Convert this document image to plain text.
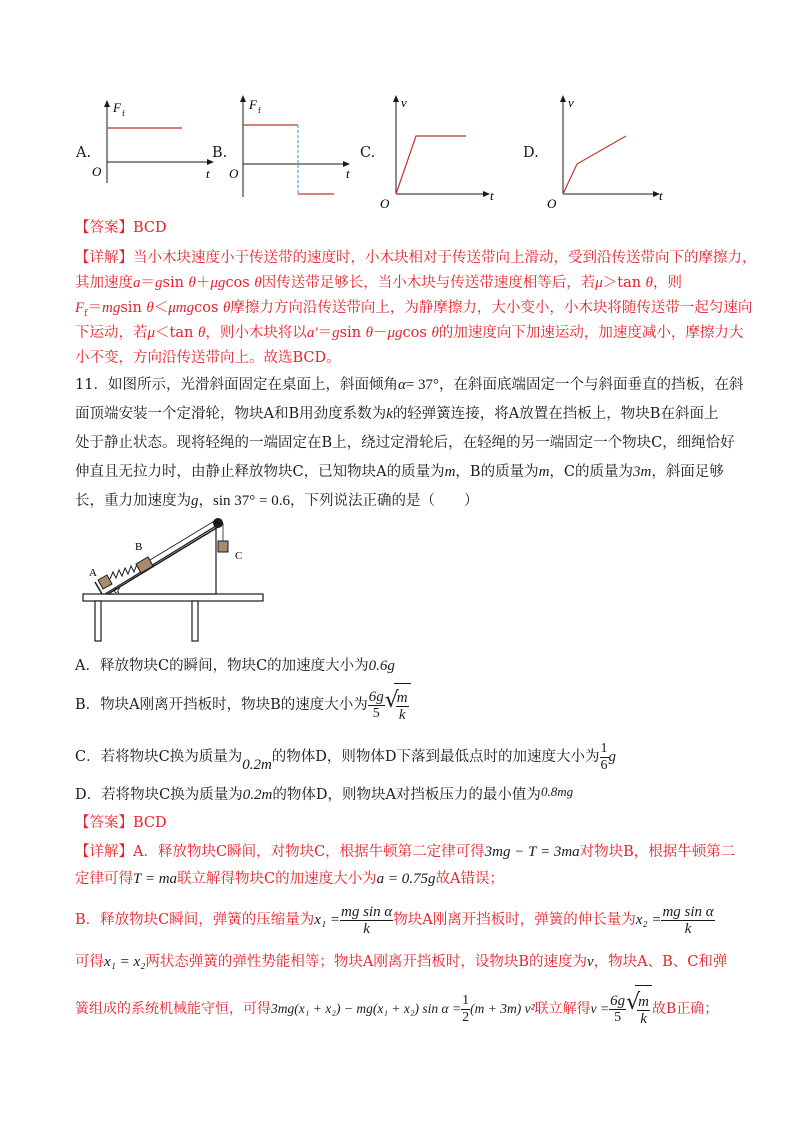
A.
F f
O	t
B.
F f
O	t
C.
v
O
t
D.
v
O
t
【答案】BCD
【详解】当小木块速度小于传送带的速度时，小木块相对于传送带向上滑动，受到沿传送带向下的摩擦力，
其加速度a＝gsin θ＋μgcos θ因传送带足够长，当小木块与传送带速度相等后，若μ＞tan θ，则
$F_f=mgsin$ θ＜μmgcos θ摩擦力方向沿传送带向上，为静摩擦力，大小变小，小木块将随传送带一起匀速向
下运动，若μ＜tan θ，则小木块将以a′＝gsin θ－μgcos θ的加速度向下加速运动，加速度减小，摩擦力大
小不变，方向沿传送带向上。故选BCD。
11．如图所示，光滑斜面固定在桌面上，斜面倾角α= 37°，在斜面底端固定一个与斜面垂直的挡板，在斜
面顶端安装一个定滑轮，物块A和B用劲度系数为k的轻弹簧连接，将A放置在挡板上，物块B在斜面上
处于静止状态。现将轻绳的一端固定在B上，绕过定滑轮后，在轻绳的另一端固定一个物块C，细绳恰好
伸直且无拉力时，由静止释放物块C，已知物块A的质量为m，B的质量为m，C的质量为3m，斜面足够
长，重力加速度为g，sin 37° = 0.6，下列说法正确的是（　　）
A
B
C
α
A．释放物块C的瞬间，物块C的加速度大小为0.6g
B．物块A刚离开挡板时，物块B的速度大小为 $\frac{6g}{5}$ √
$\frac{m}{k}$
C．若将物块C换为质量为0.2m的物体D，则物体D下落到最低点时的加速度大小为 $\frac{1}{6}$ g
D．若将物块C换为质量为0.2m的物体D，则物块A对挡板压力的最小值为0.8mg
【答案】BCD
【详解】A．释放物块C瞬间，对物块C，根据牛顿第二定律可得3mg − T = 3ma对物块B，根据牛顿第二
定律可得T = ma联立解得物块C的加速度大小为a = 0.75g故A错误；
B．释放物块C瞬间，弹簧的压缩量为$x_1 = \frac{\text{mg sin α}}{k}$ 物块A刚离开挡板时，弹簧的伸长量为$x_2 = \frac{\text{mg sin α}}{k}$
可得x₁ = x₂两状态弹簧的弹性势能相等；物块A刚离开挡板时，设物块B的速度为v，物块A、B、C和弹
簧组成的系统机械能守恒，可得3mg(x₁ + x₂) − mg(x₁ + x₂) $\sin \alpha = \frac{1}{2} (m + 3m)$ v²联立解得$v = \frac{6g}{5}$ √
$\frac{m}{k}$ 故B正确；
